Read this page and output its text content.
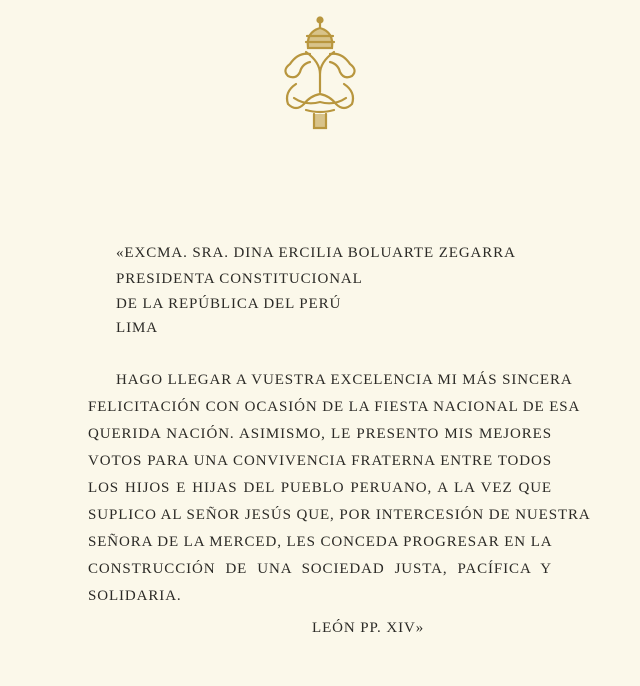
«EXCMA. SRA. DINA ERCILIA BOLUARTE ZEGARRA
PRESIDENTA CONSTITUCIONAL
DE LA REPÚBLICA DEL PERÚ
LIMA
HAGO LLEGAR A VUESTRA EXCELENCIA MI MÁS SINCERA
FELICITACIÓN CON OCASIÓN DE LA FIESTA NACIONAL DE ESA
QUERIDA NACIÓN. ASIMISMO, LE PRESENTO MIS MEJORES
VOTOS PARA UNA CONVIVENCIA FRATERNA ENTRE TODOS
LOS HIJOS E HIJAS DEL PUEBLO PERUANO, A LA VEZ QUE
SUPLICO AL SEÑOR JESÚS QUE, POR INTERCESIÓN DE NUESTRA
SEÑORA DE LA MERCED, LES CONCEDA PROGRESAR EN LA
CONSTRUCCIÓN DE UNA SOCIEDAD JUSTA, PACÍFICA Y
SOLIDARIA.
LEÓN PP. XIV»
